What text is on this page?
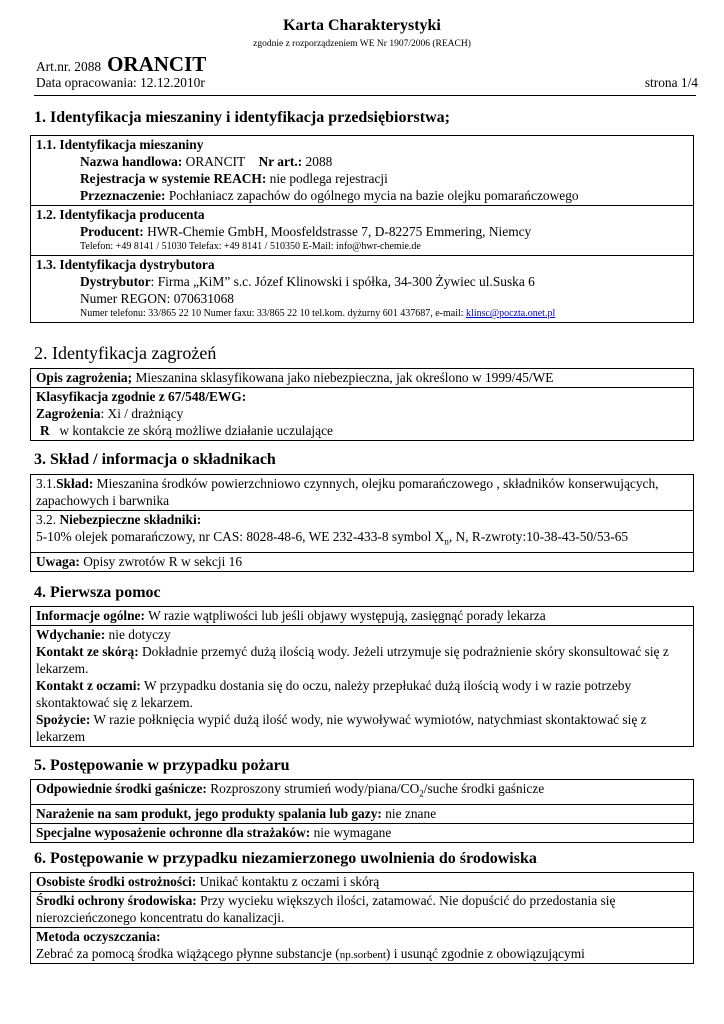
Karta Charakterystyki
zgodnie z rozporządzeniem WE Nr 1907/2006 (REACH)
Art.nr. 2088 ORANCIT
Data opracowania: 12.12.2010r	strona 1/4
1. Identyfikacja mieszaniny i identyfikacja przedsiębiorstwa;
1.1. Identyfikacja mieszaniny
Nazwa handlowa: ORANCIT Nr art.: 2088
Rejestracja w systemie REACH: nie podlega rejestracji
Przeznaczenie: Pochłaniacz zapachów do ogólnego mycia na bazie olejku pomarańczowego
1.2. Identyfikacja producenta
Producent: HWR-Chemie GmbH, Moosfeldstrasse 7, D-82275 Emmering, Niemcy
Telefon: +49 8141 / 51030 Telefax: +49 8141 / 510350 E-Mail: info@hwr-chemie.de
1.3. Identyfikacja dystrybutora
Dystrybutor: Firma „KiM” s.c. Józef Klinowski i spółka, 34-300 Żywiec ul.Suska 6
Numer REGON: 070631068
Numer telefonu: 33/865 22 10 Numer faxu: 33/865 22 10 tel.kom. dyżurny 601 437687, e-mail: klinsc@poczta.onet.pl
2. Identyfikacja zagrożeń
Opis zagrożenia; Mieszanina sklasyfikowana jako niebezpieczna, jak określono w 1999/45/WE
Klasyfikacja zgodnie z 67/548/EWG:
Zagrożenia: Xi / drażniący
R w kontakcie ze skórą możliwe działanie uczulające
3. Skład / informacja o składnikach
3.1.Skład: Mieszanina środków powierzchniowo czynnych, olejku pomarańczowego , składników konserwujących, zapachowych i barwnika
3.2. Niebezpieczne składniki:
5-10% olejek pomarańczowy, nr CAS: 8028-48-6, WE 232-433-8 symbol $X_n$, N, R-zwroty:10-38-43-50/53-65
Uwaga: Opisy zwrotów R w sekcji 16
4. Pierwsza pomoc
Informacje ogólne: W razie wątpliwości lub jeśli objawy występują, zasięgnąć porady lekarza
Wdychanie: nie dotyczy
Kontakt ze skórą: Dokładnie przemyć dużą ilością wody. Jeżeli utrzymuje się podrażnienie skóry skonsultować się z lekarzem.
Kontakt z oczami: W przypadku dostania się do oczu, należy przepłukać dużą ilością wody i w razie potrzeby skontaktować się z lekarzem.
Spożycie: W razie połknięcia wypić dużą ilość wody, nie wywoływać wymiotów, natychmiast skontaktować się z lekarzem
5. Postępowanie w przypadku pożaru
Odpowiednie środki gaśnicze: Rozproszony strumień wody/$piana/CO_2$/suche środki gaśnicze
Narażenie na sam produkt, jego produkty spalania lub gazy: nie znane
Specjalne wyposażenie ochronne dla strażaków: nie wymagane
6. Postępowanie w przypadku niezamierzonego uwolnienia do środowiska
Osobiste środki ostrożności: Unikać kontaktu z oczami i skórą
Środki ochrony środowiska: Przy wycieku większych ilości, zatamować. Nie dopuścić do przedostania się nierozcieńczonego koncentratu do kanalizacji.
Metoda oczyszczania:
Zebrać za pomocą środka wiążącego płynne substancje (np.sorbent) i usunąć zgodnie z obowiązującymi
